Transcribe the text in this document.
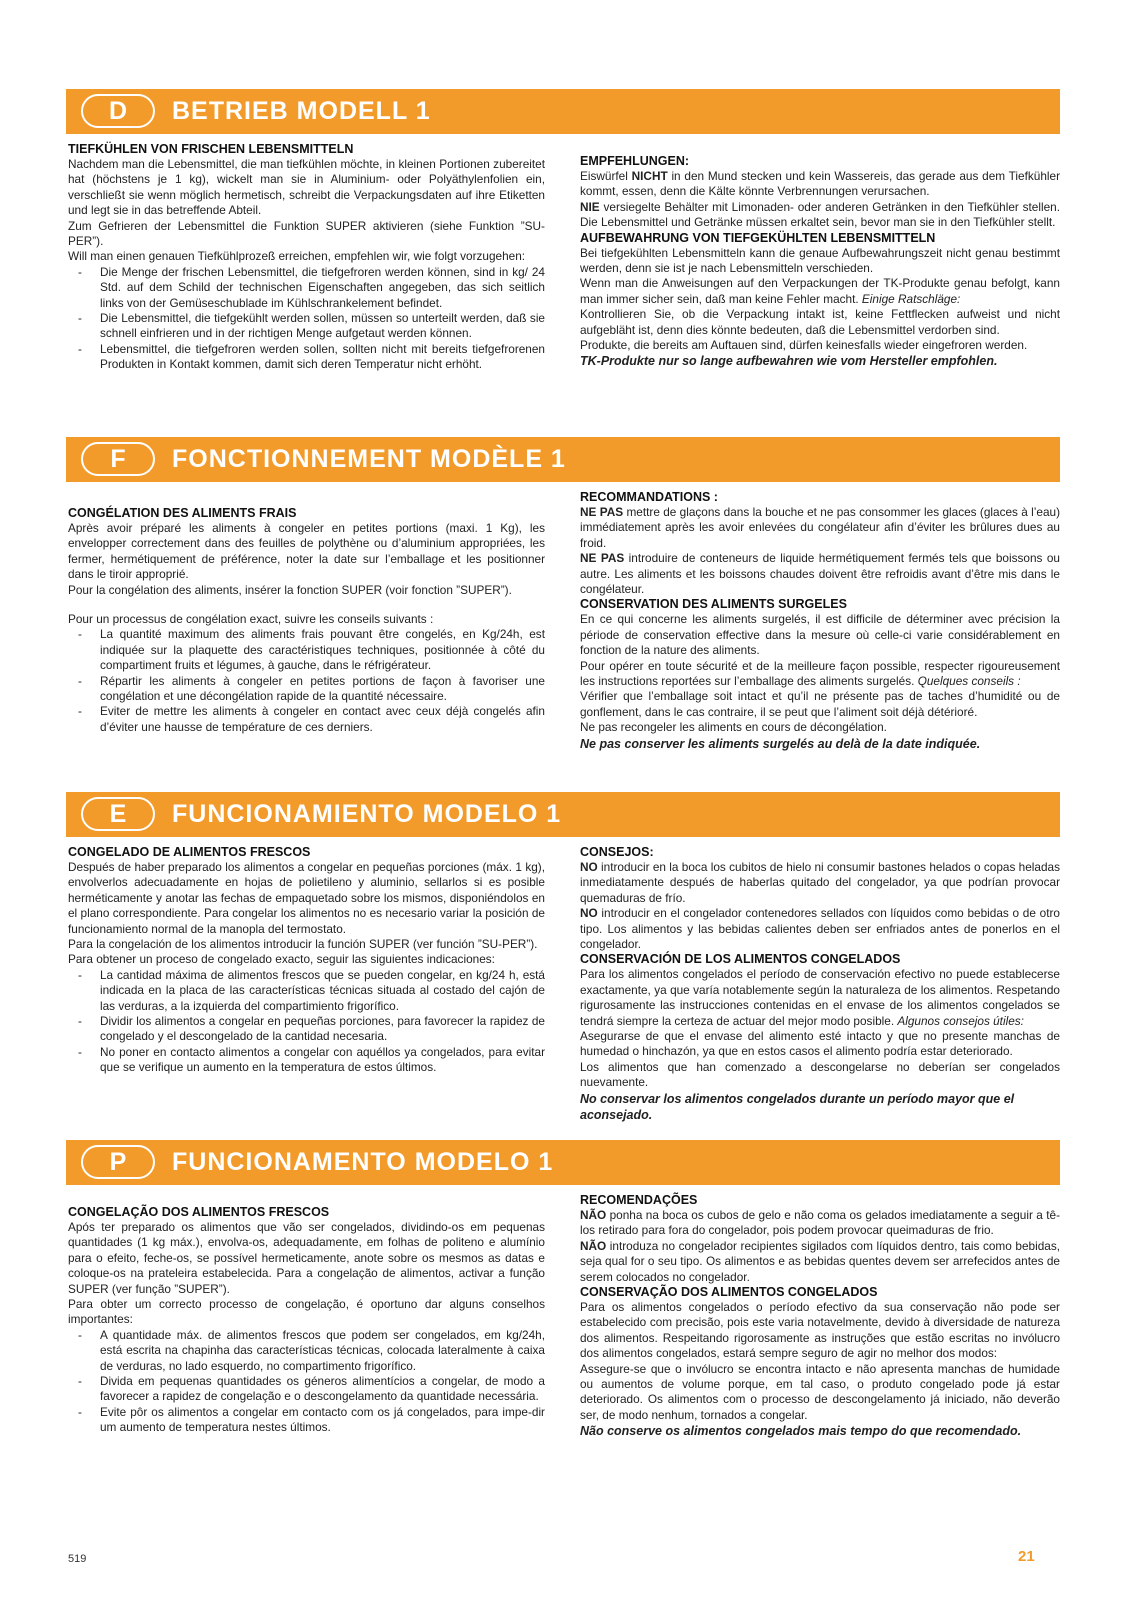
D	BETRIEB MODELL 1

TIEFKÜHLEN VON FRISCHEN LEBENSMITTELN

Nachdem man die Lebensmittel, die man tiefkühlen möchte, in kleinen Portionen zubereitet hat (höchstens je 1 kg), wickelt man sie in Aluminium- oder Polyäthylenfolien ein, verschließt sie wenn möglich hermetisch, schreibt die Verpackungsdaten auf ihre Etiketten und legt sie in das betreffende Abteil.

Zum Gefrieren der Lebensmittel die Funktion SUPER aktivieren (siehe Funktion ”SU-PER”).

Will man einen genauen Tiefkühlprozeß erreichen, empfehlen wir, wie folgt vorzugehen:

- Die Menge der frischen Lebensmittel, die tiefgefroren werden können, sind in kg/ 24 Std. auf dem Schild der technischen Eigenschaften angegeben, das sich seitlich links von der Gemüseschublade im Kühlschrankelement befindet.
- Die Lebensmittel, die tiefgekühlt werden sollen, müssen so unterteilt werden, daß sie schnell einfrieren und in der richtigen Menge aufgetaut werden können.
- Lebensmittel, die tiefgefroren werden sollen, sollten nicht mit bereits tiefgefrorenen Produkten in Kontakt kommen, damit sich deren Temperatur nicht erhöht.

EMPFEHLUNGEN:

Eiswürfel NICHT in den Mund stecken und kein Wassereis, das gerade aus dem Tiefkühler kommt, essen, denn die Kälte könnte Verbrennungen verursachen.

NIE versiegelte Behälter mit Limonaden- oder anderen Getränken in den Tiefkühler stellen. Die Lebensmittel und Getränke müssen erkaltet sein, bevor man sie in den Tiefkühler stellt.

AUFBEWAHRUNG VON TIEFGEKÜHLTEN LEBENSMITTELN

Bei tiefgekühlten Lebensmitteln kann die genaue Aufbewahrungszeit nicht genau bestimmt werden, denn sie ist je nach Lebensmitteln verschieden.

Wenn man die Anweisungen auf den Verpackungen der TK-Produkte genau befolgt, kann man immer sicher sein, daß man keine Fehler macht. Einige Ratschläge:

Kontrollieren Sie, ob die Verpackung intakt ist, keine Fettflecken aufweist und nicht aufgebläht ist, denn dies könnte bedeuten, daß die Lebensmittel verdorben sind.

Produkte, die bereits am Auftauen sind, dürfen keinesfalls wieder eingefroren werden.

TK-Produkte nur so lange aufbewahren wie vom Hersteller empfohlen.

F	FONCTIONNEMENT MODÈLE 1

CONGÉLATION DES ALIMENTS FRAIS

Après avoir préparé les aliments à congeler en petites portions (maxi. 1 Kg), les envelopper correctement dans des feuilles de polythène ou d’aluminium appropriées, les fermer, hermétiquement de préférence, noter la date sur l’emballage et les positionner dans le tiroir approprié.

Pour la congélation des aliments, insérer la fonction SUPER (voir fonction ”SUPER”).

Pour un processus de congélation exact, suivre les conseils suivants :

- La quantité maximum des aliments frais pouvant être congelés, en Kg/24h, est indiquée sur la plaquette des caractéristiques techniques, positionnée à côté du compartiment fruits et légumes, à gauche, dans le réfrigérateur.
- Répartir les aliments à congeler en petites portions de façon à favoriser une congélation et une décongélation rapide de la quantité nécessaire.
- Eviter de mettre les aliments à congeler en contact avec ceux déjà congelés afin d’éviter une hausse de température de ces derniers.

RECOMMANDATIONS :

NE PAS mettre de glaçons dans la bouche et ne pas consommer les glaces (glaces à l’eau) immédiatement après les avoir enlevées du congélateur afin d’éviter les brûlures dues au froid.

NE PAS introduire de conteneurs de liquide hermétiquement fermés tels que boissons ou autre. Les aliments et les boissons chaudes doivent être refroidis avant d’être mis dans le congélateur.

CONSERVATION DES ALIMENTS SURGELES

En ce qui concerne les aliments surgelés, il est difficile de déterminer avec précision la période de conservation effective dans la mesure où celle-ci varie considérablement en fonction de la nature des aliments.

Pour opérer en toute sécurité et de la meilleure façon possible, respecter rigoureusement les instructions reportées sur l’emballage des aliments surgelés. Quelques conseils :

Vérifier que l’emballage soit intact et qu’il ne présente pas de taches d’humidité ou de gonflement, dans le cas contraire, il se peut que l’aliment soit déjà détérioré.

Ne pas recongeler les aliments en cours de décongélation.

Ne pas conserver les aliments surgelés au delà de la date indiquée.

E	FUNCIONAMIENTO MODELO 1

CONGELADO DE ALIMENTOS FRESCOS

Después de haber preparado los alimentos a congelar en pequeñas porciones (máx. 1 kg), envolverlos adecuadamente en hojas de polietileno y aluminio, sellarlos si es posible herméticamente y anotar las fechas de empaquetado sobre los mismos, disponiéndolos en el plano correspondiente. Para congelar los alimentos no es necesario variar la posición de funcionamiento normal de la manopla del termostato.

Para la congelación de los alimentos introducir la función SUPER (ver función ”SU-PER”).

Para obtener un proceso de congelado exacto, seguir las siguientes indicaciones:

- La cantidad máxima de alimentos frescos que se pueden congelar, en kg/24 h, está indicada en la placa de las características técnicas situada al costado del cajón de las verduras, a la izquierda del compartimiento frigorífico.
- Dividir los alimentos a congelar en pequeñas porciones, para favorecer la rapidez de congelado y el descongelado de la cantidad necesaria.
- No poner en contacto alimentos a congelar con aquéllos ya congelados, para evitar que se verifique un aumento en la temperatura de estos últimos.

CONSEJOS:

NO introducir en la boca los cubitos de hielo ni consumir bastones helados o copas heladas inmediatamente después de haberlas quitado del congelador, ya que podrían provocar quemaduras de frío.

NO introducir en el congelador contenedores sellados con líquidos como bebidas o de otro tipo. Los alimentos y las bebidas calientes deben ser enfriados antes de ponerlos en el congelador.

CONSERVACIÓN DE LOS ALIMENTOS CONGELADOS

Para los alimentos congelados el período de conservación efectivo no puede establecerse exactamente, ya que varía notablemente según la naturaleza de los alimentos. Respetando rigurosamente las instrucciones contenidas en el envase de los alimentos congelados se tendrá siempre la certeza de actuar del mejor modo posible. Algunos consejos útiles:

Asegurarse de que el envase del alimento esté intacto y que no presente manchas de humedad o hinchazón, ya que en estos casos el alimento podría estar deteriorado.

Los alimentos que han comenzado a descongelarse no deberían ser congelados nuevamente.

No conservar los alimentos congelados durante un período mayor que el aconsejado.

P	FUNCIONAMENTO MODELO 1

CONGELAÇÃO DOS ALIMENTOS FRESCOS

Após ter preparado os alimentos que vão ser congelados, dividindo-os em pequenas quantidades (1 kg máx.), envolva-os, adequadamente, em folhas de politeno e alumínio para o efeito, feche-os, se possível hermeticamente, anote sobre os mesmos as datas e coloque-os na prateleira estabelecida. Para a congelação de alimentos, activar a função SUPER (ver função ”SUPER”).

Para obter um correcto processo de congelação, é oportuno dar alguns conselhos importantes:

- A quantidade máx. de alimentos frescos que podem ser congelados, em kg/24h, está escrita na chapinha das características técnicas, colocada lateralmente à caixa de verduras, no lado esquerdo, no compartimento frigorífico.
- Divida em pequenas quantidades os géneros alimentícios a congelar, de modo a favorecer a rapidez de congelação e o descongelamento da quantidade necessária.
- Evite pôr os alimentos a congelar em contacto com os já congelados, para impe-dir um aumento de temperatura nestes últimos.

RECOMENDAÇÕES

NÃO ponha na boca os cubos de gelo e não coma os gelados imediatamente a seguir a tê-los retirado para fora do congelador, pois podem provocar queimaduras de frio.

NÃO introduza no congelador recipientes sigilados com líquidos dentro, tais como bebidas, seja qual for o seu tipo. Os alimentos e as bebidas quentes devem ser arrefecidos antes de serem colocados no congelador.

CONSERVAÇÃO DOS ALIMENTOS CONGELADOS

Para os alimentos congelados o período efectivo da sua conservação não pode ser estabelecido com precisão, pois este varia notavelmente, devido à diversidade de natureza dos alimentos. Respeitando rigorosamente as instruções que estão escritas no invólucro dos alimentos congelados, estará sempre seguro de agir no melhor dos modos:

Assegure-se que o invólucro se encontra intacto e não apresenta manchas de humidade ou aumentos de volume porque, em tal caso, o produto congelado pode já estar deteriorado. Os alimentos com o processo de descongelamento já iniciado, não deverão ser, de modo nenhum, tornados a congelar.

Não conserve os alimentos congelados mais tempo do que recomendado.

519	21
